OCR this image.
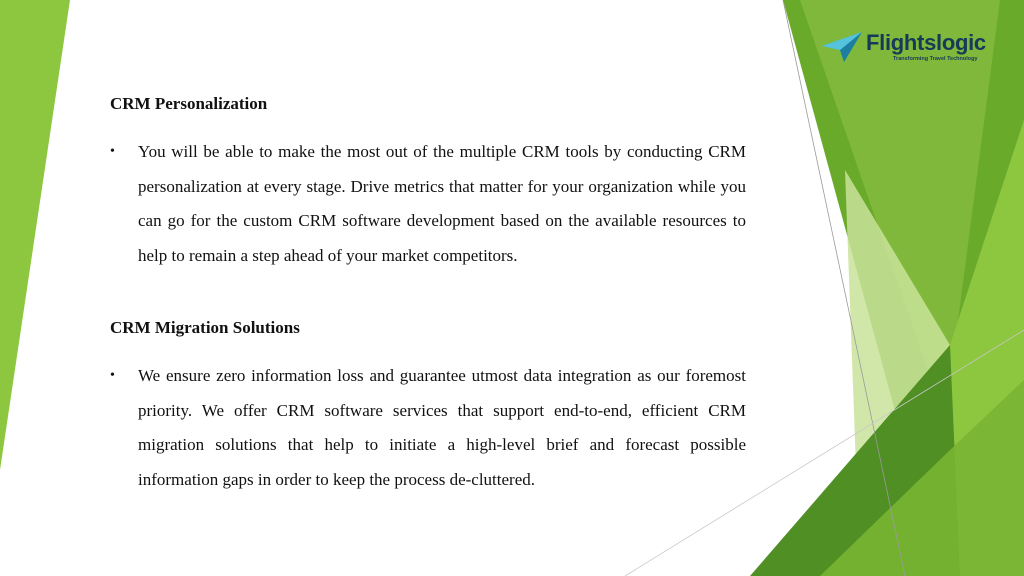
Flightslogic
Transforming Travel Technology
CRM Personalization
• You will be able to make the most out of the multiple CRM tools by conducting CRM personalization at every stage. Drive metrics that matter for your organization while you can go for the custom CRM software development based on the available resources to help to remain a step ahead of your market competitors.

CRM Migration Solutions
• We ensure zero information loss and guarantee utmost data integration as our foremost priority. We offer CRM software services that support end-to-end, efficient CRM migration solutions that help to initiate a high-level brief and forecast possible information gaps in order to keep the process de-cluttered.
